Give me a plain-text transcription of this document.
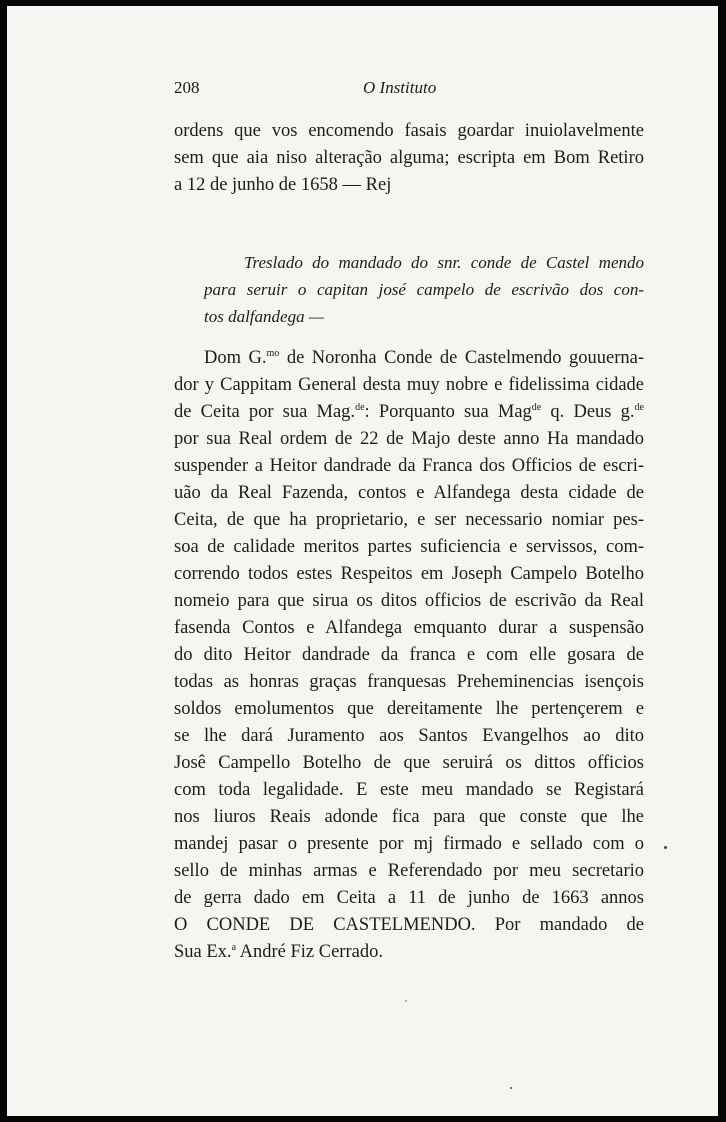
208	O Instituto
ordens que vos encomendo fasais goardar inuiolavelmente
sem que aia niso alteração alguma; escripta em Bom Retiro
a 12 de junho de 1658 — Rej
Treslado do mandado do snr. conde de Castel mendo
para seruir o capitan josé campelo de escrivão dos con-
tos dalfandega —
Dom G.$^{mo}$ de Noronha Conde de Castelmendo gouuerna-
dor y Cappitam General desta muy nobre e fidelissima cidade
de Ceita por sua Mag.$^{de}$: Porquanto sua Mag$^{de}$ q. Deus g.$^{de}$
por sua Real ordem de 22 de Majo deste anno Ha mandado
suspender a Heitor dandrade da Franca dos Officios de escri-
uão da Real Fazenda, contos e Alfandega desta cidade de
Ceita, de que ha proprietario, e ser necessario nomiar pes-
soa de calidade meritos partes suficiencia e servissos, com-
correndo todos estes Respeitos em Joseph Campelo Botelho
nomeio para que sirua os ditos officios de escrivão da Real
fasenda Contos e Alfandega emquanto durar a suspensão
do dito Heitor dandrade da franca e com elle gosara de
todas as honras graças franquesas Preheminencias isençois
soldos emolumentos que dereitamente lhe pertençerem e
se lhe dará Juramento aos Santos Evangelhos ao dito
Josê Campello Botelho de que seruirá os dittos officios
com toda legalidade. E este meu mandado se Registará
nos liuros Reais adonde fica para que conste que lhe
mandej pasar o presente por mj firmado e sellado com o
sello de minhas armas e Referendado por meu secretario
de gerra dado em Ceita a 11 de junho de 1663 annos
O CONDE DE CASTELMENDO. Por mandado de
Sua Ex.$^a$ André Fiz Cerrado.
